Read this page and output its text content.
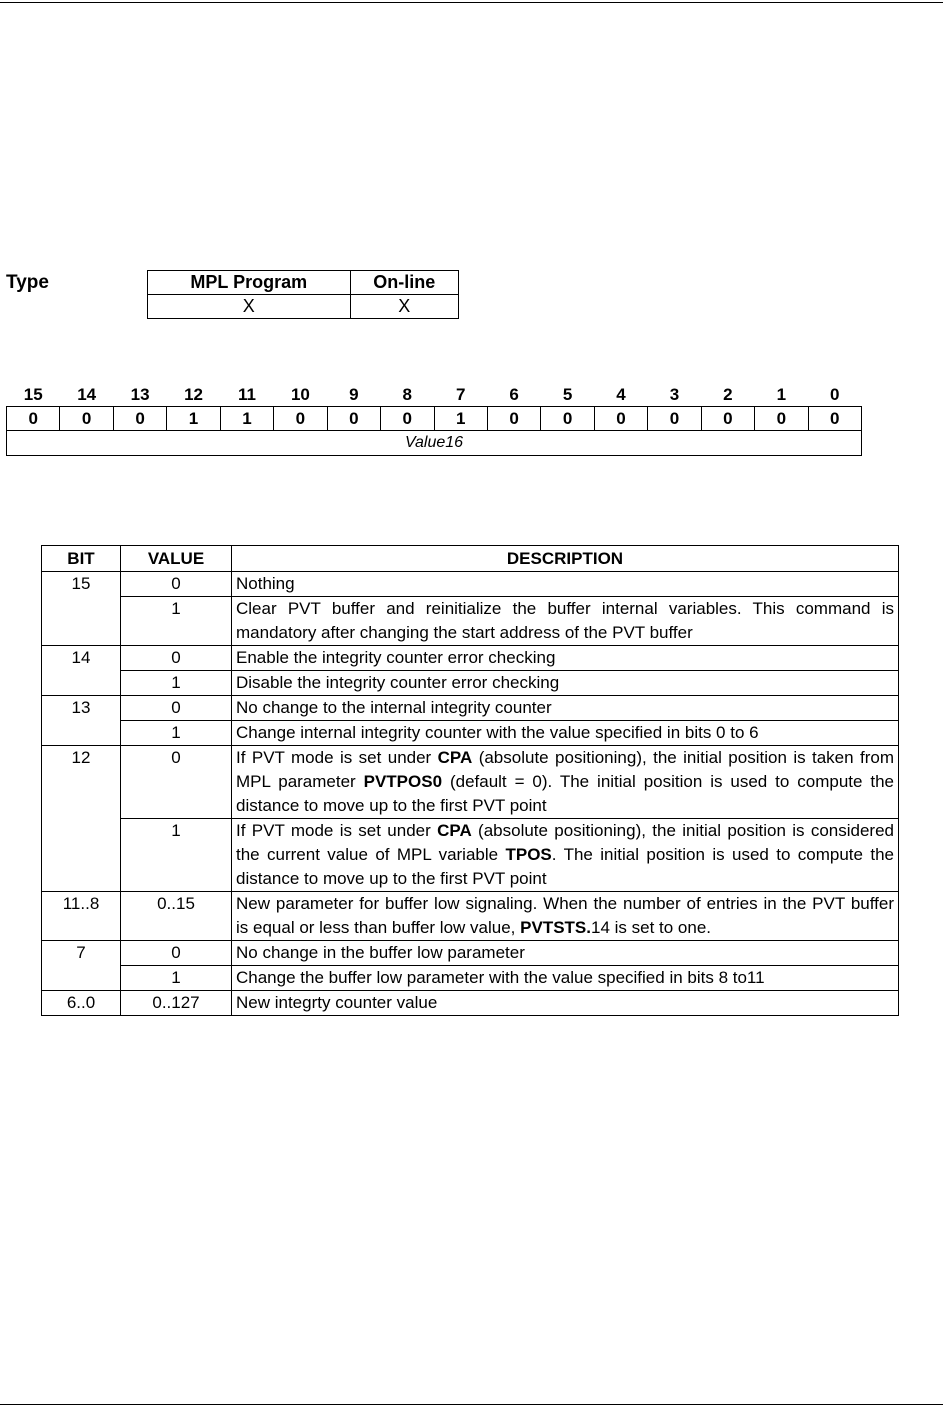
Type	MPL Program	On-line
X	X
15	14	13	12	11	10	9	8	7	6	5	4	3	2	1	0
0	0	0	1	1	0	0	0	1	0	0	0	0	0	0	0
Value16															
BIT	VALUE	DESCRIPTION
15	0	Nothing
	1	Clear PVT buffer and reinitialize the buffer internal variables. This command is mandatory after changing the start address of the PVT buffer
14	0	Enable the integrity counter error checking
	1	Disable the integrity counter error checking
13	0	No change to the internal integrity counter
	1	Change internal integrity counter with the value specified in bits 0 to 6
12	0	If PVT mode is set under CPA (absolute positioning), the initial position is taken from MPL parameter PVTPOS0 (default = 0). The initial position is used to compute the distance to move up to the first PVT point
	1	If PVT mode is set under CPA (absolute positioning), the initial position is considered the current value of MPL variable TPOS. The initial position is used to compute the distance to move up to the first PVT point
11..8	0..15	New parameter for buffer low signaling. When the number of entries in the PVT buffer is equal or less than buffer low value, PVTSTS.14 is set to one.
7	0	No change in the buffer low parameter
	1	Change the buffer low parameter with the value specified in bits 8 to11
6..0	0..127	New integrty counter value
